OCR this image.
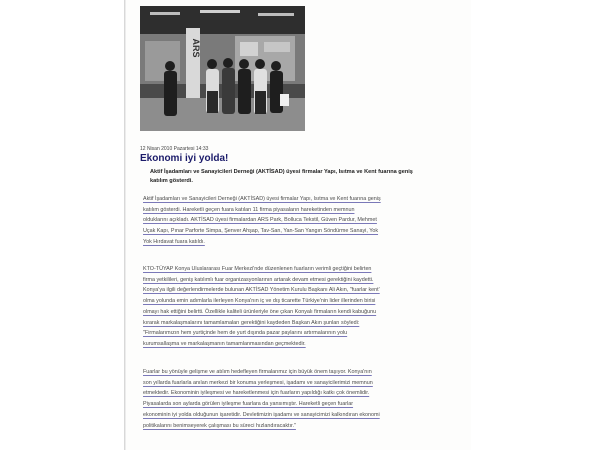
ARS
12 Nisan 2010 Pazartesi 14:33
Ekonomi iyi yolda!
Aktif İşadamları ve Sanayicileri Derneği (AKTİSAD) üyesi firmalar Yapı, Isıtma ve Kent fuarına geniş
katılım gösterdi.
Aktif İşadamları ve Sanayicileri Derneği (AKTİSAD) üyesi firmalar Yapı, Isıtma ve Kent fuarına geniş
katılım gösterdi. Hareketli geçen fuara katılan 11 firma piyasaların hareketinden memnun
olduklarını açıkladı. AKTİSAD üyesi firmalardan ARS Park, Bolluca Tekstil, Güven Pardur, Mehmet
Uçak Kapı, Pınar Parforte Simpa, Şenver Ahşap, Tav-San, Yan-San Yangın Söndürme Sanayi, Yok
Yok Hırdavat fuara katıldı.
KTO-TÜYAP Konya Uluslararası Fuar Merkezi'nde düzenlenen fuarların verimli geçtiğini belirten
firma yetkilileri, geniş katılımlı fuar organizasyonlarının artarak devam etmesi gerektiğini kaydetti.
Konya'ya ilgili değerlendirmelerde bulunan AKTİSAD Yönetim Kurulu Başkanı Ali Akın, "fuarlar kent'
olma yolunda emin adımlarla ilerleyen Konya'nın iç ve dış ticarette Türkiye'nin lider illerinden birisi
olmayı hak ettiğini belirtti. Özellikle kaliteli ürünleriyle öne çıkan Konyalı firmaların kendi kabuğunu
kırarak markalaşmalarını tamamlamaları gerektiğini kaydeden Başkan Akın şunları söyledi:
"Firmalarımızın hem yurtiçinde hem de yurt dışında pazar paylarını artırmalarının yolu
kurumsallaşma ve markalaşmanın tamamlanmasından geçmektedir.
Fuarlar bu yönüyle gelişme ve atılım hedefleyen firmalarımız için büyük önem taşıyor. Konya'nın
son yıllarda fuarlarla anılan merkezi bir konuma yerleşmesi, işadamı ve sanayicilerimizi memnun
etmektedir. Ekonominin iyileşmesi ve hareketlenmesi için fuarların yapıldığı katkı çok önemlidir.
Piyasalarda son aylarda görülen iyileşme fuarlara da yansımıştır. Hareketli geçen fuarlar
ekonominin iyi yolda olduğunun işaretidir. Devletimizin işadamı ve sanayicimizi kalkındıran ekonomi
politikalarını benimseyerek çalışması bu süreci hızlandıracaktır."
